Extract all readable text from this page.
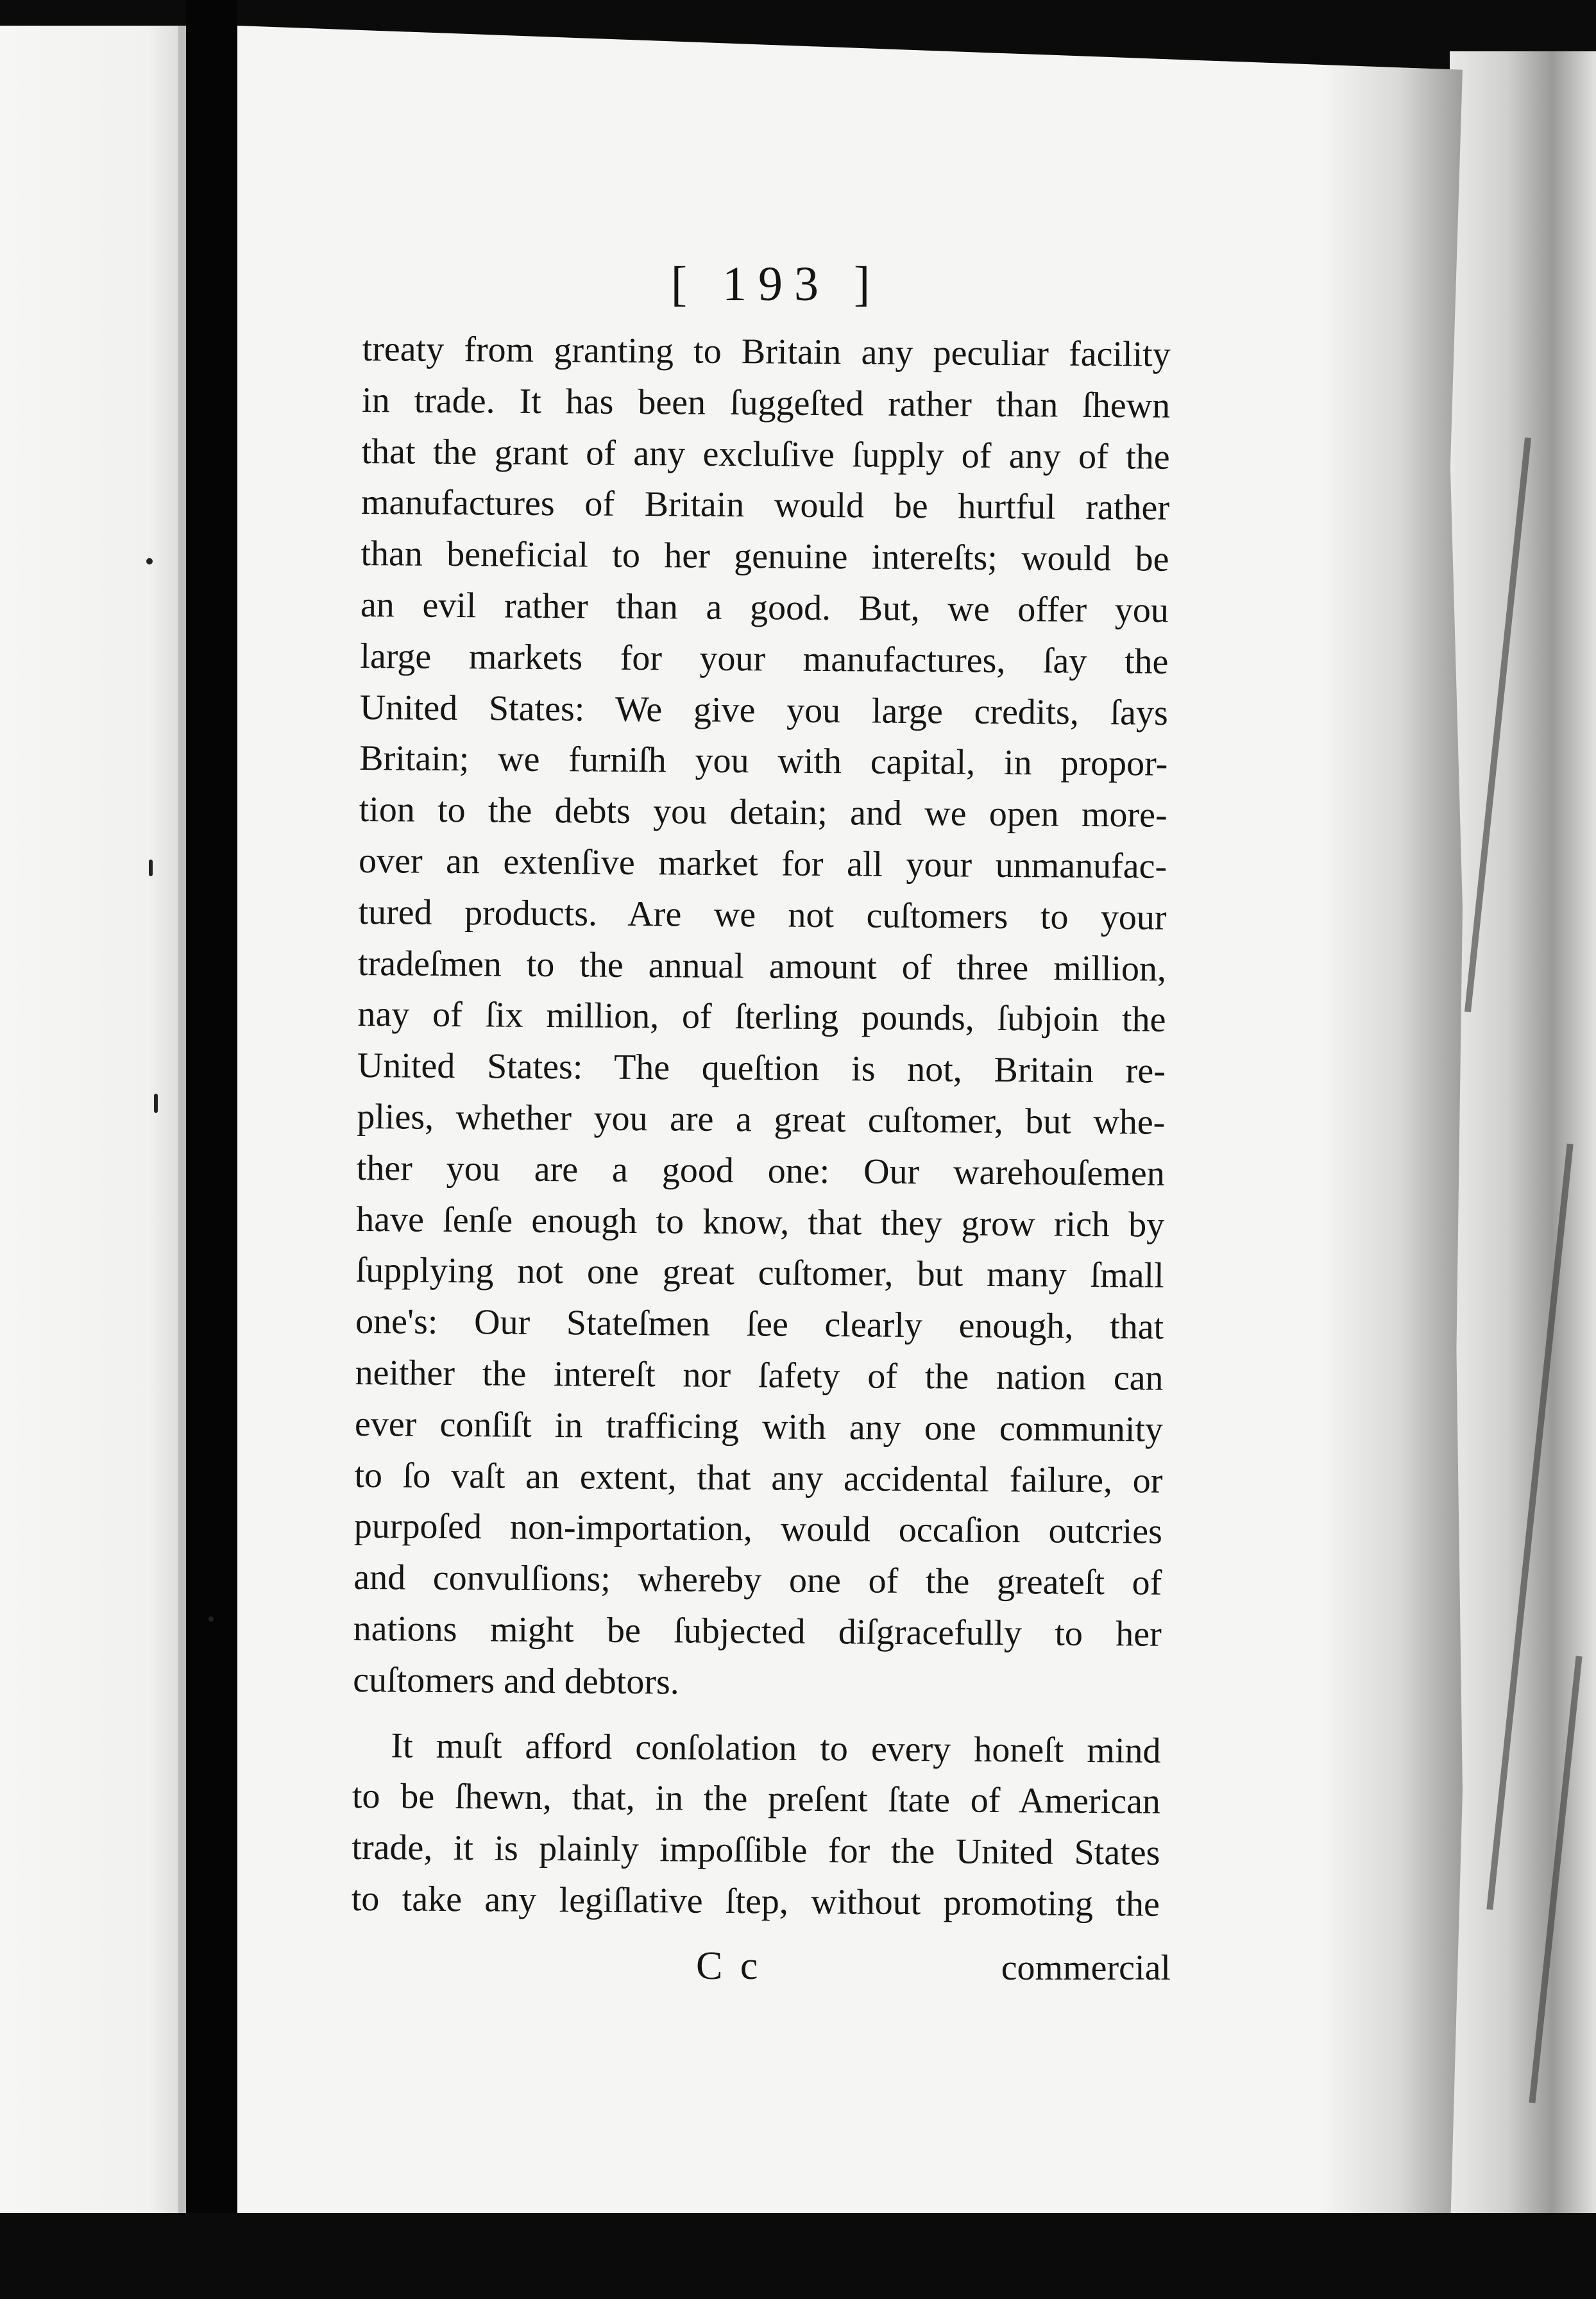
[ 193 ]
treaty from granting to Britain any peculiar facility
in trade. It has been ſuggeſted rather than ſhewn
that the grant of any excluſive ſupply of any of the
manufactures of Britain would be hurtful rather
than beneficial to her genuine intereſts; would be
an evil rather than a good. But, we offer you
large markets for your manufactures, ſay the
United States: We give you large credits, ſays
Britain; we furniſh you with capital, in propor-
tion to the debts you detain; and we open more-
over an extenſive market for all your unmanufac-
tured products. Are we not cuſtomers to your
tradeſmen to the annual amount of three million,
nay of ſix million, of ſterling pounds, ſubjoin the
United States: The queſtion is not, Britain re-
plies, whether you are a great cuſtomer, but whe-
ther you are a good one: Our warehouſemen
have ſenſe enough to know, that they grow rich by
ſupplying not one great cuſtomer, but many ſmall
one's: Our Stateſmen ſee clearly enough, that
neither the intereſt nor ſafety of the nation can
ever conſiſt in trafficing with any one community
to ſo vaſt an extent, that any accidental failure, or
purpoſed non-importation, would occaſion outcries
and convulſions; whereby one of the greateſt of
nations might be ſubjected diſgracefully to her
cuſtomers and debtors.
It muſt afford conſolation to every honeſt mind
to be ſhewn, that, in the preſent ſtate of American
trade, it is plainly impoſſible for the United States
to take any legiſlative ſtep, without promoting the
C c	commercial
